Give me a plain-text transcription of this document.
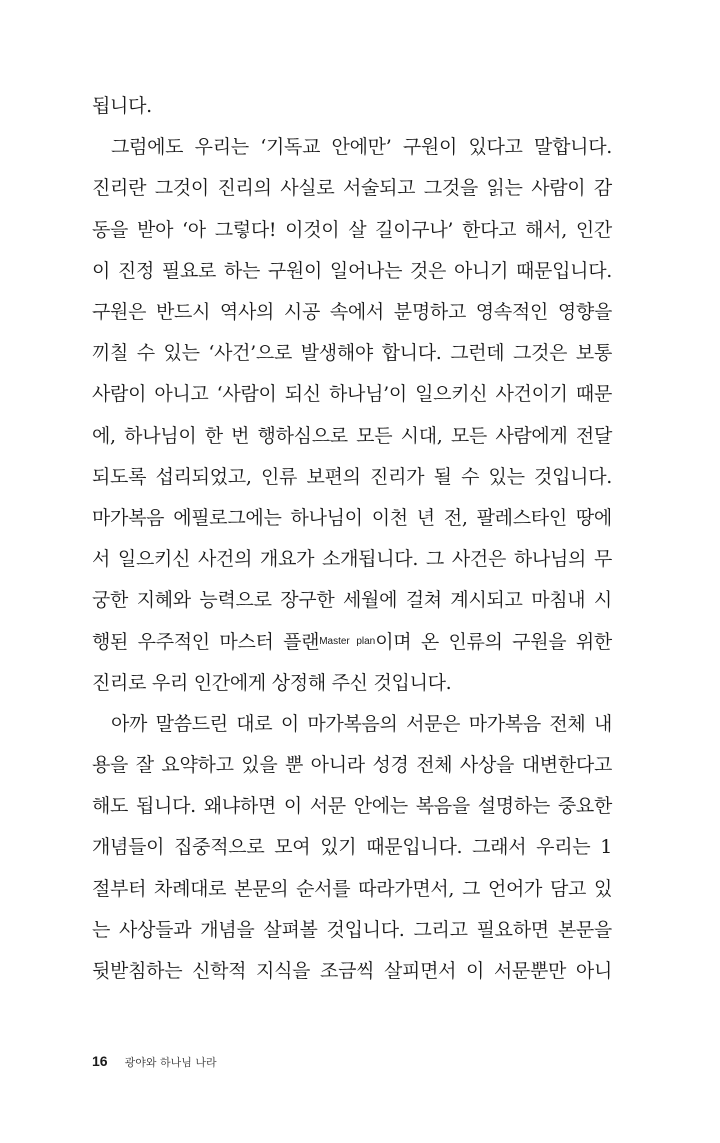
됩니다.
그럼에도 우리는 ‘기독교 안에만’ 구원이 있다고 말합니다.
진리란 그것이 진리의 사실로 서술되고 그것을 읽는 사람이 감
동을 받아 ‘아 그렇다! 이것이 살 길이구나’ 한다고 해서, 인간
이 진정 필요로 하는 구원이 일어나는 것은 아니기 때문입니다.
구원은 반드시 역사의 시공 속에서 분명하고 영속적인 영향을
끼칠 수 있는 ‘사건’으로 발생해야 합니다. 그런데 그것은 보통
사람이 아니고 ‘사람이 되신 하나님’이 일으키신 사건이기 때문
에, 하나님이 한 번 행하심으로 모든 시대, 모든 사람에게 전달
되도록 섭리되었고, 인류 보편의 진리가 될 수 있는 것입니다.
마가복음 에필로그에는 하나님이 이천 년 전, 팔레스타인 땅에
서 일으키신 사건의 개요가 소개됩니다. 그 사건은 하나님의 무
궁한 지혜와 능력으로 장구한 세월에 걸쳐 계시되고 마침내 시
행된 우주적인 마스터 플랜$^{Master plan}$이며 온 인류의 구원을 위한
진리로 우리 인간에게 상정해 주신 것입니다.
아까 말씀드린 대로 이 마가복음의 서문은 마가복음 전체 내
용을 잘 요약하고 있을 뿐 아니라 성경 전체 사상을 대변한다고
해도 됩니다. 왜냐하면 이 서문 안에는 복음을 설명하는 중요한
개념들이 집중적으로 모여 있기 때문입니다. 그래서 우리는 1
절부터 차례대로 본문의 순서를 따라가면서, 그 언어가 담고 있
는 사상들과 개념을 살펴볼 것입니다. 그리고 필요하면 본문을
뒷받침하는 신학적 지식을 조금씩 살피면서 이 서문뿐만 아니
16 광야와 하나님 나라
